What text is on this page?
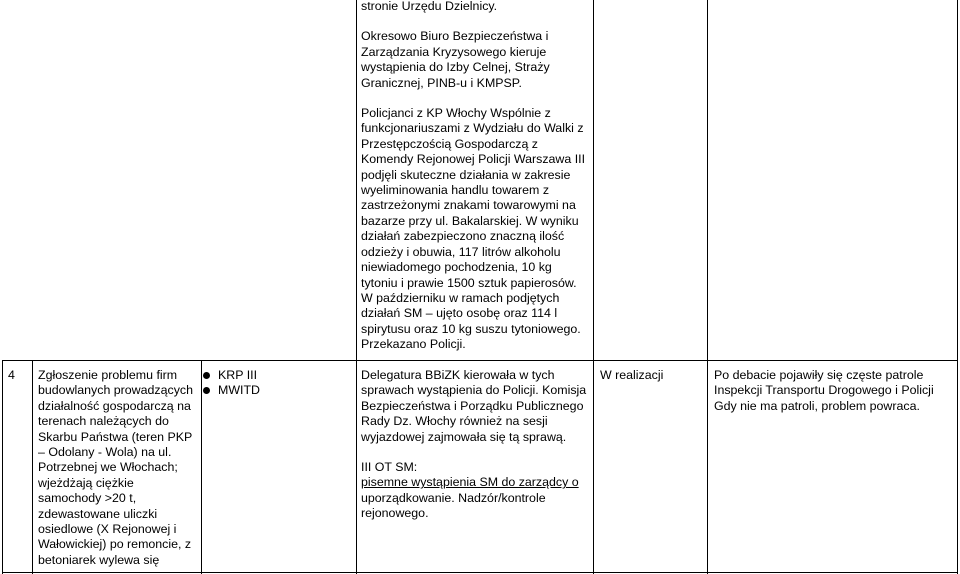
stronie Urzędu Dzielnicy.

Okresowo Biuro Bezpieczeństwa i Zarządzania Kryzysowego kieruje wystąpienia do Izby Celnej, Straży Granicznej, PINB-u i KMPSP.

Policjanci z KP Włochy Wspólnie z funkcjonariuszami z Wydziału do Walki z Przestępczością Gospodarczą z Komendy Rejonowej Policji Warszawa III podjęli skuteczne działania w zakresie wyeliminowania handlu towarem z zastrzeżonymi znakami towarowymi na bazarze przy ul. Bakalarskiej. W wyniku działań zabezpieczono znaczną ilość odzieży i obuwia, 117 litrów alkoholu niewiadomego pochodzenia, 10 kg tytoniu i prawie 1500 sztuk papierosów. W październiku w ramach podjętych działań SM – ujęto osobę oraz 114 l spirytusu oraz 10 kg suszu tytoniowego. Przekazano Policji.

4	Zgłoszenie problemu firm budowlanych prowadzących działalność gospodarczą na terenach należących do Skarbu Państwa (teren PKP – Odolany - Wola) na ul. Potrzebnej we Włochach; wjeżdżają ciężkie samochody >20 t, zdewastowane uliczki osiedlowe (X Rejonowej i Wałowickiej) po remoncie, z betoniarek wylewa się
KRP III
MWITD

Delegatura BBiZK kierowała w tych sprawach wystąpienia do Policji. Komisja Bezpieczeństwa i Porządku Publicznego Rady Dz. Włochy również na sesji wyjazdowej zajmowała się tą sprawą.

III OT SM:
pisemne wystąpienia SM do zarządcy o
uporządkowanie. Nadzór/kontrole rejonowego.

W realizacji	Po debacie pojawiły się częste patrole Inspekcji Transportu Drogowego i Policji Gdy nie ma patroli, problem powraca.
